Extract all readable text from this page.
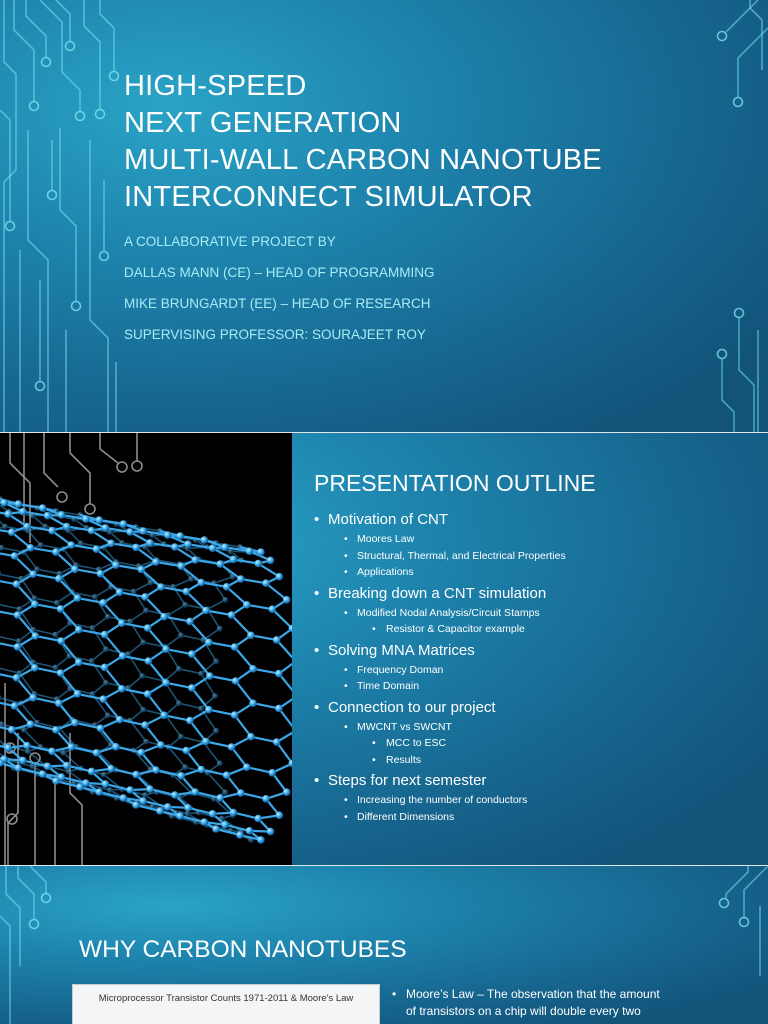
HIGH-SPEED
NEXT GENERATION
MULTI-WALL CARBON NANOTUBE
INTERCONNECT SIMULATOR
A COLLABORATIVE PROJECT BY
DALLAS MANN (CE) – HEAD OF PROGRAMMING
MIKE BRUNGARDT (EE) – HEAD OF RESEARCH
SUPERVISING PROFESSOR: SOURAJEET ROY
PRESENTATION OUTLINE
•
Motivation of CNT
•
Moores Law
•
Structural, Thermal, and Electrical Properties
•
Applications
•
Breaking down a CNT simulation
•
Modified Nodal Analysis/Circuit Stamps
•
Resistor & Capacitor example
•
Solving MNA Matrices
•
Frequency Doman
•
Time Domain
•
Connection to our project
•
MWCNT vs SWCNT
•
MCC to ESC
•
Results
•
Steps for next semester
•
Increasing the number of conductors
•
Different Dimensions
WHY CARBON NANOTUBES
Microprocessor Transistor Counts 1971-2011 & Moore's Law
•	Moore’s Law – The observation that the amount
of transistors on a chip will double every two
